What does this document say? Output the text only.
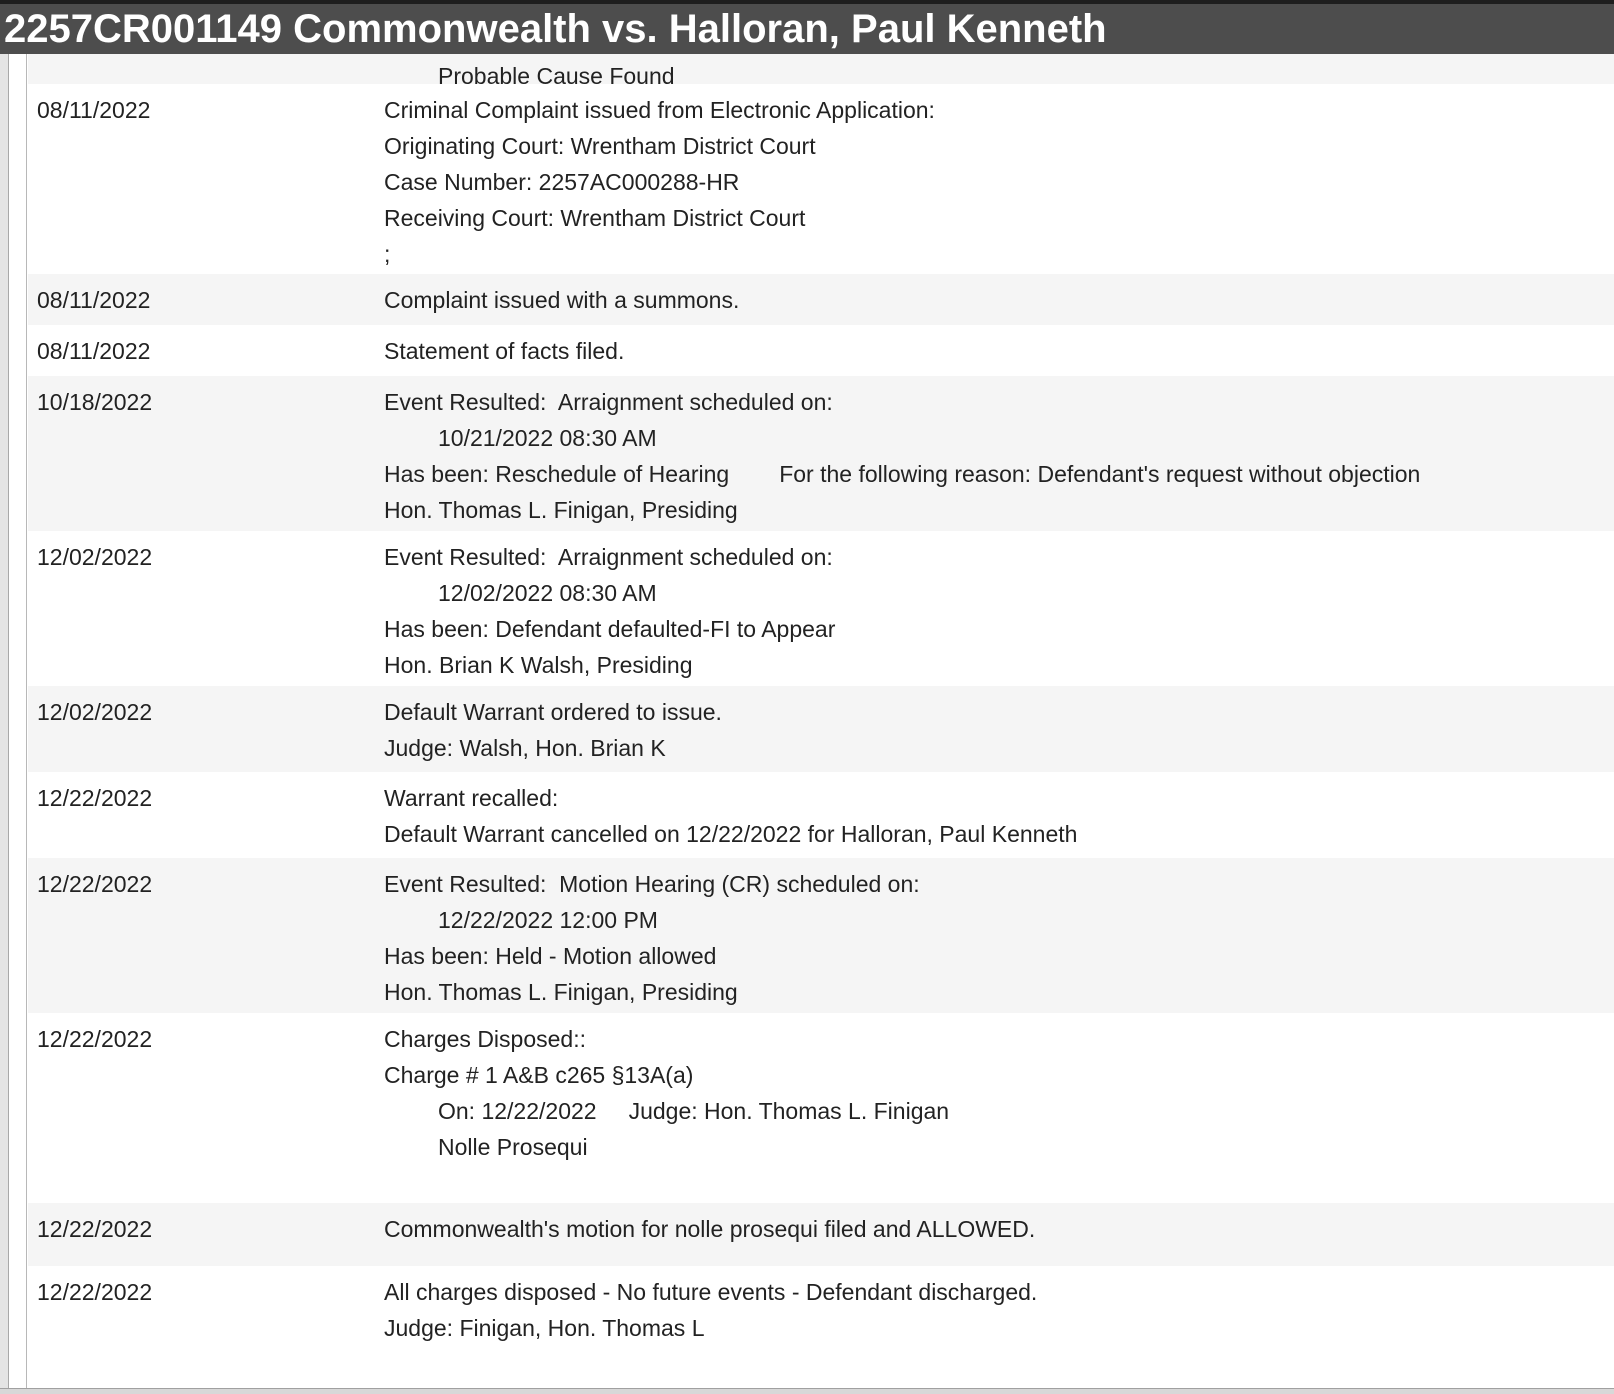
2257CR001149 Commonwealth vs. Halloran, Paul Kenneth
Probable Cause Found
08/11/2022	Criminal Complaint issued from Electronic Application:
Originating Court: Wrentham District Court
Case Number: 2257AC000288-HR
Receiving Court: Wrentham District Court
;
08/11/2022	Complaint issued with a summons.
08/11/2022	Statement of facts filed.
10/18/2022	Event Resulted:  Arraignment scheduled on:
10/21/2022 08:30 AM
Has been: Reschedule of Hearing For the following reason: Defendant's request without objection
Hon. Thomas L. Finigan, Presiding
12/02/2022	Event Resulted:  Arraignment scheduled on:
12/02/2022 08:30 AM
Has been: Defendant defaulted-FI to Appear
Hon. Brian K Walsh, Presiding
12/02/2022	Default Warrant ordered to issue.
Judge: Walsh, Hon. Brian K
12/22/2022	Warrant recalled:
Default Warrant cancelled on 12/22/2022 for Halloran, Paul Kenneth
12/22/2022	Event Resulted:  Motion Hearing (CR) scheduled on:
12/22/2022 12:00 PM
Has been: Held - Motion allowed
Hon. Thomas L. Finigan, Presiding
12/22/2022	Charges Disposed::
Charge # 1 A&B c265 §13A(a)
On: 12/22/2022 Judge: Hon. Thomas L. Finigan
Nolle Prosequi
12/22/2022	Commonwealth's motion for nolle prosequi filed and ALLOWED.
12/22/2022	All charges disposed - No future events - Defendant discharged.
Judge: Finigan, Hon. Thomas L
